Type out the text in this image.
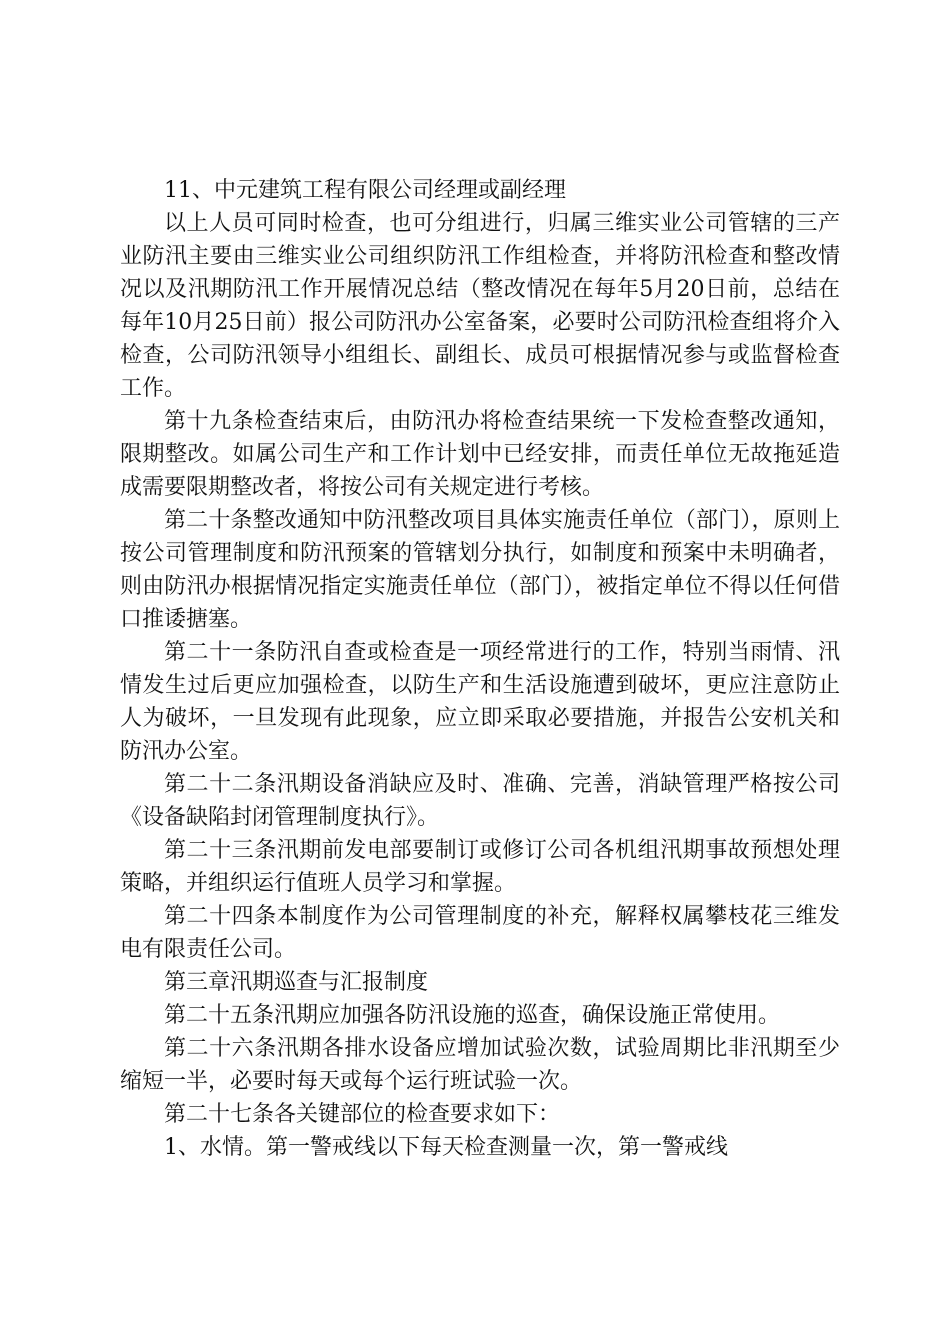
11、中元建筑工程有限公司经理或副经理

以上人员可同时检查，也可分组进行，归属三维实业公司管辖的三产业防汛主要由三维实业公司组织防汛工作组检查，并将防汛检查和整改情况以及汛期防汛工作开展情况总结（整改情况在每年5月20日前，总结在每年10月25日前）报公司防汛办公室备案，必要时公司防汛检查组将介入检查，公司防汛领导小组组长、副组长、成员可根据情况参与或监督检查工作。

第十九条检查结束后，由防汛办将检查结果统一下发检查整改通知，限期整改。如属公司生产和工作计划中已经安排，而责任单位无故拖延造成需要限期整改者，将按公司有关规定进行考核。

第二十条整改通知中防汛整改项目具体实施责任单位（部门），原则上按公司管理制度和防汛预案的管辖划分执行，如制度和预案中未明确者，则由防汛办根据情况指定实施责任单位（部门），被指定单位不得以任何借口推诿搪塞。

第二十一条防汛自查或检查是一项经常进行的工作，特别当雨情、汛情发生过后更应加强检查，以防生产和生活设施遭到破坏，更应注意防止人为破坏，一旦发现有此现象，应立即采取必要措施，并报告公安机关和防汛办公室。

第二十二条汛期设备消缺应及时、准确、完善，消缺管理严格按公司《设备缺陷封闭管理制度执行》。

第二十三条汛期前发电部要制订或修订公司各机组汛期事故预想处理策略，并组织运行值班人员学习和掌握。

第二十四条本制度作为公司管理制度的补充，解释权属攀枝花三维发电有限责任公司。

第三章汛期巡查与汇报制度

第二十五条汛期应加强各防汛设施的巡查，确保设施正常使用。

第二十六条汛期各排水设备应增加试验次数，试验周期比非汛期至少缩短一半，必要时每天或每个运行班试验一次。

第二十七条各关键部位的检查要求如下：

1、水情。第一警戒线以下每天检查测量一次，第一警戒线
